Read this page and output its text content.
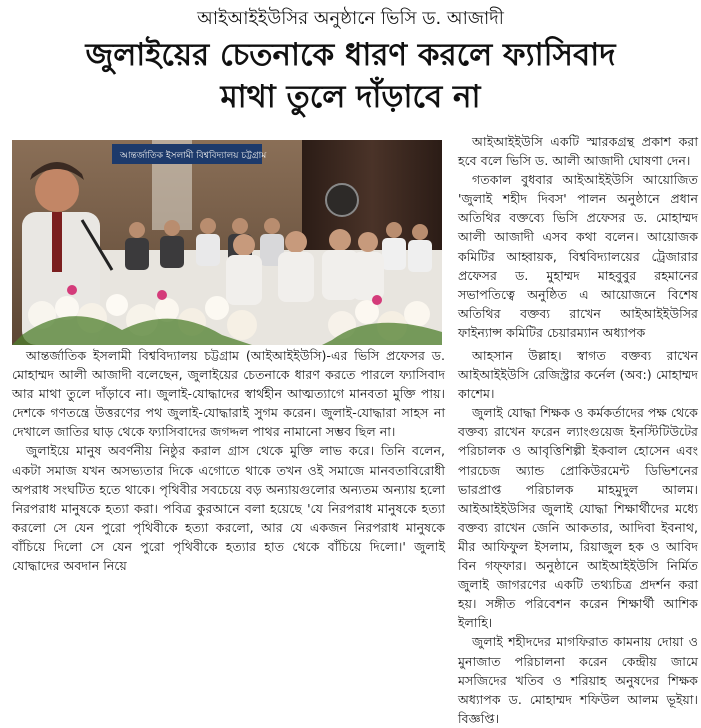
আইআইইউসির অনুষ্ঠানে ভিসি ড. আজাদী
জুলাইয়ের চেতনাকে ধারণ করলে ফ্যাসিবাদ
মাথা তুলে দাঁড়াবে না
আন্তর্জাতিক ইসলামী বিশ্ববিদ্যালয় চট্টগ্রাম

আইআইইউসি একটি স্মারকগ্রন্থ প্রকাশ করা হবে বলে ভিসি ড. আলী আজাদী ঘোষণা দেন।

গতকাল বুধবার আইআইইউসি আয়োজিত 'জুলাই শহীদ দিবস' পালন অনুষ্ঠানে প্রধান অতিথির বক্তব্যে ভিসি প্রফেসর ড. মোহাম্মদ আলী আজাদী এসব কথা বলেন। আয়োজক কমিটির আহ্বায়ক, বিশ্ববিদ্যালয়ের ট্রেজারার প্রফেসর ড. মুহাম্মদ মাহবুবুর রহমানের সভাপতিত্বে অনুষ্ঠিত এ আয়োজনে বিশেষ অতিথির বক্তব্য রাখেন আইআইইউসির ফাইন্যান্স কমিটির চেয়ারম্যান অধ্যাপক

আন্তর্জাতিক ইসলামী বিশ্ববিদ্যালয় চট্টগ্রাম (আইআইইউসি)-এর ভিসি প্রফেসর ড. মোহাম্মদ আলী আজাদী বলেছেন, জুলাইয়ের চেতনাকে ধারণ করতে পারলে ফ্যাসিবাদ আর মাথা তুলে দাঁড়াবে না। জুলাই-যোদ্ধাদের স্বার্থহীন আত্মত্যাগে মানবতা মুক্তি পায়। দেশকে গণতন্ত্রে উত্তরণের পথ জুলাই-যোদ্ধারাই সুগম করেন। জুলাই-যোদ্ধারা সাহস না দেখালে জাতির ঘাড় থেকে ফ্যাসিবাদের জগদ্দল পাথর নামানো সম্ভব ছিল না।

জুলাইয়ে মানুষ অবর্ণনীয় নিষ্ঠুর করাল গ্রাস থেকে মুক্তি লাভ করে। তিনি বলেন, একটা সমাজ যখন অসভ্যতার দিকে এগোতে থাকে তখন ওই সমাজে মানবতাবিরোধী অপরাধ সংঘটিত হতে থাকে। পৃথিবীর সবচেয়ে বড় অন্যায়গুলোর অন্যতম অন্যায় হলো নিরপরাধ মানুষকে হত্যা করা। পবিত্র কুরআনে বলা হয়েছে 'যে নিরপরাধ মানুষকে হত্যা করলো সে যেন পুরো পৃথিবীকে হত্যা করলো, আর যে একজন নিরপরাধ মানুষকে বাঁচিয়ে দিলো সে যেন পুরো পৃথিবীকে হত্যার হাত থেকে বাঁচিয়ে দিলো।' জুলাই যোদ্ধাদের অবদান নিয়ে

আহসান উল্লাহ। স্বাগত বক্তব্য রাখেন আইআইইউসি রেজিস্ট্রার কর্নেল (অব:) মোহাম্মদ কাশেম।

জুলাই যোদ্ধা শিক্ষক ও কর্মকর্তাদের পক্ষ থেকে বক্তব্য রাখেন ফরেন ল্যাংগুয়েজ ইনস্টিটিউটের পরিচালক ও আবৃত্তিশিল্পী ইকবাল হোসেন এবং পারচেজ অ্যান্ড প্রোকিউরমেন্ট ডিভিশনের ভারপ্রাপ্ত পরিচালক মাহমুদুল আলম। আইআইইউসির জুলাই যোদ্ধা শিক্ষার্থীদের মধ্যে বক্তব্য রাখেন জেনি আকতার, আদিবা ইবনাথ, মীর আফিফুল ইসলাম, রিয়াজুল হক ও আবিদ বিন গফ্ফার। অনুষ্ঠানে আইআইইউসি নির্মিত জুলাই জাগরণের একটি তথ্যচিত্র প্রদর্শন করা হয়। সঙ্গীত পরিবেশন করেন শিক্ষার্থী আশিক ইলাহি।

জুলাই শহীদদের মাগফিরাত কামনায় দোয়া ও মুনাজাত পরিচালনা করেন কেন্দ্রীয় জামে মসজিদের খতিব ও শরিয়াহ অনুষদের শিক্ষক অধ্যাপক ড. মোহাম্মদ শফিউল আলম ভূইয়া। বিজ্ঞপ্তি।
